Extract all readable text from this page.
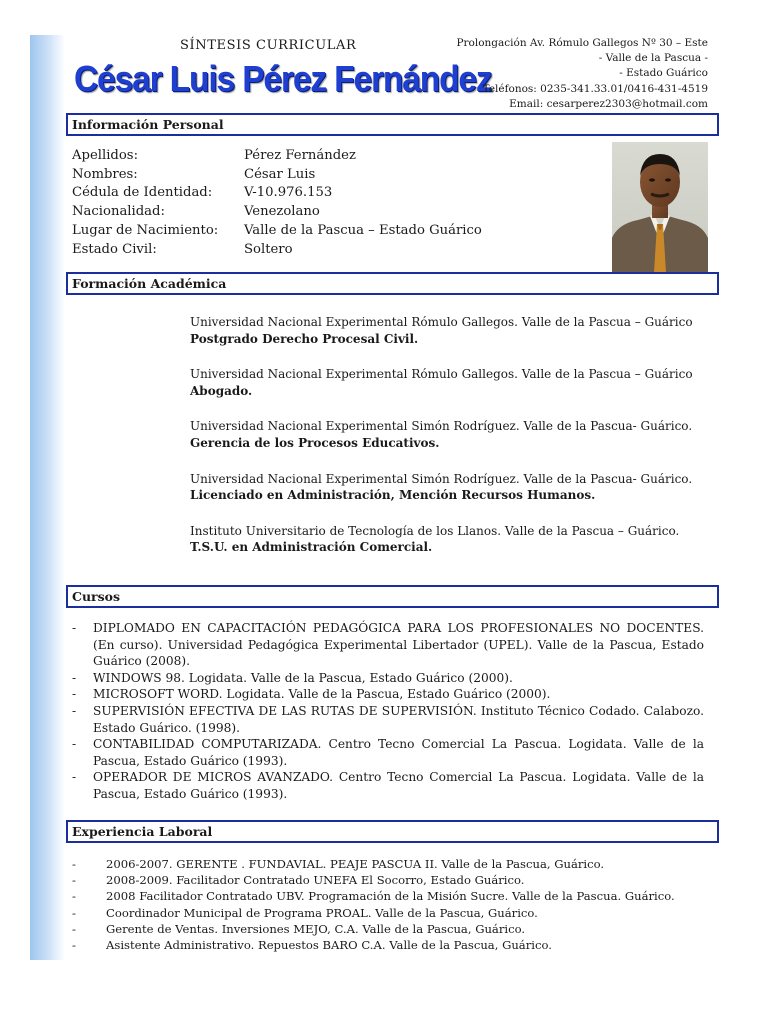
SÍNTESIS CURRICULAR
César Luis Pérez Fernández
Prolongación Av. Rómulo Gallegos Nº 30 – Este
- Valle de la Pascua -
- Estado Guárico
Teléfonos: 0235-341.33.01/0416-431-4519
Email: cesarperez2303@hotmail.com
Información Personal
Apellidos:	Pérez Fernández
Nombres:	César Luis
Cédula de Identidad: V-10.976.153
Nacionalidad:	Venezolano
Lugar de Nacimiento: Valle de la Pascua – Estado Guárico
Estado Civil:	Soltero
Formación Académica
Universidad Nacional Experimental Rómulo Gallegos. Valle de la Pascua – Guárico
Postgrado Derecho Procesal Civil.
Universidad Nacional Experimental Rómulo Gallegos. Valle de la Pascua – Guárico
Abogado.
Universidad Nacional Experimental Simón Rodríguez. Valle de la Pascua- Guárico.
Gerencia de los Procesos Educativos.
Universidad Nacional Experimental Simón Rodríguez. Valle de la Pascua- Guárico.
Licenciado en Administración, Mención Recursos Humanos.
Instituto Universitario de Tecnología de los Llanos. Valle de la Pascua – Guárico.
T.S.U. en Administración Comercial.
Cursos
- DIPLOMADO EN CAPACITACIÓN PEDAGÓGICA PARA LOS PROFESIONALES NO DOCENTES. (En curso). Universidad Pedagógica Experimental Libertador (UPEL). Valle de la Pascua, Estado Guárico (2008).
- WINDOWS 98. Logidata. Valle de la Pascua, Estado Guárico (2000).
- MICROSOFT WORD. Logidata. Valle de la Pascua, Estado Guárico (2000).
- SUPERVISIÓN EFECTIVA DE LAS RUTAS DE SUPERVISIÓN. Instituto Técnico Codado. Calabozo. Estado Guárico. (1998).
- CONTABILIDAD COMPUTARIZADA. Centro Tecno Comercial La Pascua. Logidata. Valle de la Pascua, Estado Guárico (1993).
- OPERADOR DE MICROS AVANZADO. Centro Tecno Comercial La Pascua. Logidata. Valle de la Pascua, Estado Guárico (1993).
Experiencia Laboral
-	2006-2007. GERENTE . FUNDAVIAL. PEAJE PASCUA II. Valle de la Pascua, Guárico.
-	2008-2009. Facilitador Contratado UNEFA El Socorro, Estado Guárico.
-	2008 Facilitador Contratado UBV. Programación de la Misión Sucre. Valle de la Pascua. Guárico.
-	Coordinador Municipal de Programa PROAL. Valle de la Pascua, Guárico.
-	Gerente de Ventas. Inversiones MEJO, C.A. Valle de la Pascua, Guárico.
-	Asistente Administrativo. Repuestos BARO C.A. Valle de la Pascua, Guárico.
